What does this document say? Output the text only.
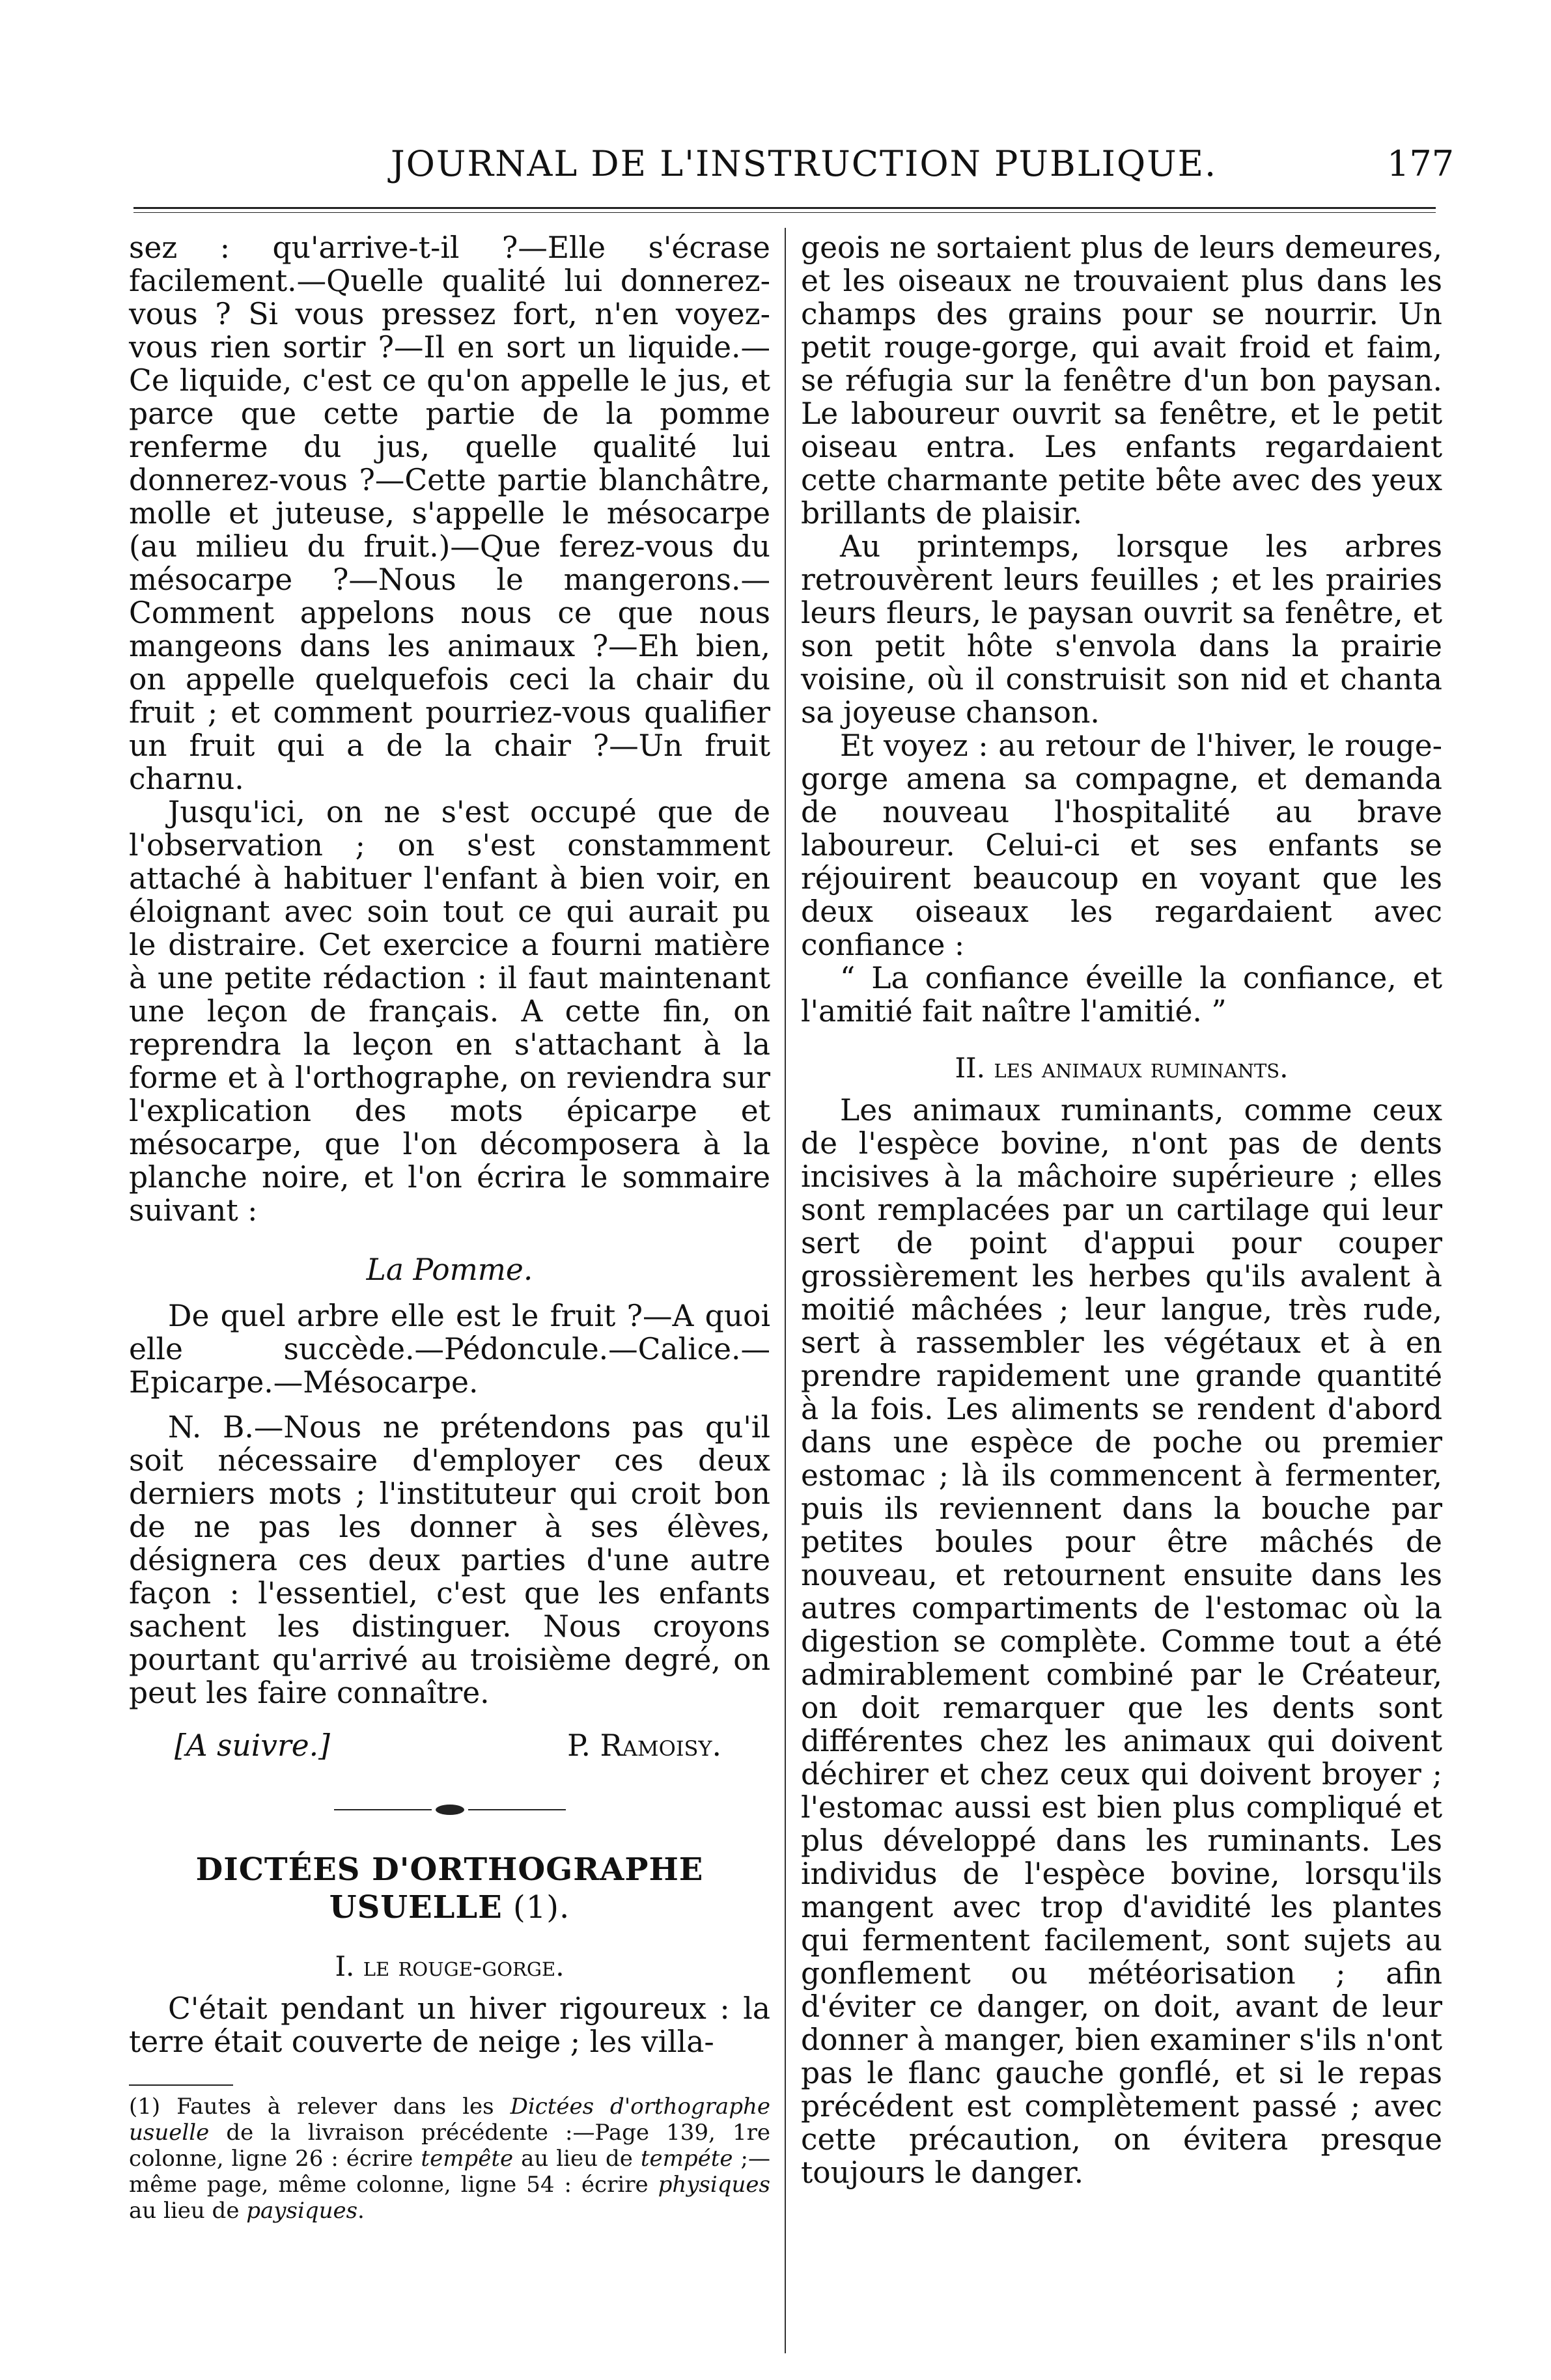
JOURNAL DE L'INSTRUCTION PUBLIQUE.	177

sez : qu'arrive-t-il ?—Elle s'écrase facilement.—Quelle qualité lui donnerez-vous ? Si vous pressez fort, n'en voyez-vous rien sortir ?—Il en sort un liquide.—Ce liquide, c'est ce qu'on appelle le jus, et parce que cette partie de la pomme renferme du jus, quelle qualité lui donnerez-vous ?—Cette partie blanchâtre, molle et juteuse, s'appelle le mésocarpe (au milieu du fruit.)—Que ferez-vous du mésocarpe ?—Nous le mangerons.—Comment appelons nous ce que nous mangeons dans les animaux ?—Eh bien, on appelle quelquefois ceci la chair du fruit ; et comment pourriez-vous qualifier un fruit qui a de la chair ?—Un fruit charnu.

Jusqu'ici, on ne s'est occupé que de l'observation ; on s'est constamment attaché à habituer l'enfant à bien voir, en éloignant avec soin tout ce qui aurait pu le distraire. Cet exercice a fourni matière à une petite rédaction : il faut maintenant une leçon de français. A cette fin, on reprendra la leçon en s'attachant à la forme et à l'orthographe, on reviendra sur l'explication des mots épicarpe et mésocarpe, que l'on décomposera à la planche noire, et l'on écrira le sommaire suivant :

La Pomme.

De quel arbre elle est le fruit ?—A quoi elle succède.—Pédoncule.—Calice.—Epicarpe.—Mésocarpe.

N. B.—Nous ne prétendons pas qu'il soit nécessaire d'employer ces deux derniers mots ; l'instituteur qui croit bon de ne pas les donner à ses élèves, désignera ces deux parties d'une autre façon : l'essentiel, c'est que les enfants sachent les distinguer. Nous croyons pourtant qu'arrivé au troisième degré, on peut les faire connaître.

[A suivre.]	P. Ramoisy.

DICTÉES D'ORTHOGRAPHE
USUELLE (1).

I. le rouge-gorge.

C'était pendant un hiver rigoureux : la terre était couverte de neige ; les villa-

(1) Fautes à relever dans les Dictées d'orthographe usuelle de la livraison précédente :—Page 139, 1re colonne, ligne 26 : écrire tempête au lieu de tempéte ;—même page, même colonne, ligne 54 : écrire physiques au lieu de paysiques.

geois ne sortaient plus de leurs demeures, et les oiseaux ne trouvaient plus dans les champs des grains pour se nourrir. Un petit rouge-gorge, qui avait froid et faim, se réfugia sur la fenêtre d'un bon paysan. Le laboureur ouvrit sa fenêtre, et le petit oiseau entra. Les enfants regardaient cette charmante petite bête avec des yeux brillants de plaisir.

Au printemps, lorsque les arbres retrouvèrent leurs feuilles ; et les prairies leurs fleurs, le paysan ouvrit sa fenêtre, et son petit hôte s'envola dans la prairie voisine, où il construisit son nid et chanta sa joyeuse chanson.

Et voyez : au retour de l'hiver, le rouge-gorge amena sa compagne, et demanda de nouveau l'hospitalité au brave laboureur. Celui-ci et ses enfants se réjouirent beaucoup en voyant que les deux oiseaux les regardaient avec confiance :

“ La confiance éveille la confiance, et l'amitié fait naître l'amitié. ”

II. les animaux ruminants.

Les animaux ruminants, comme ceux de l'espèce bovine, n'ont pas de dents incisives à la mâchoire supérieure ; elles sont remplacées par un cartilage qui leur sert de point d'appui pour couper grossièrement les herbes qu'ils avalent à moitié mâchées ; leur langue, très rude, sert à rassembler les végétaux et à en prendre rapidement une grande quantité à la fois. Les aliments se rendent d'abord dans une espèce de poche ou premier estomac ; là ils commencent à fermenter, puis ils reviennent dans la bouche par petites boules pour être mâchés de nouveau, et retournent ensuite dans les autres compartiments de l'estomac où la digestion se complète. Comme tout a été admirablement combiné par le Créateur, on doit remarquer que les dents sont différentes chez les animaux qui doivent déchirer et chez ceux qui doivent broyer ; l'estomac aussi est bien plus compliqué et plus développé dans les ruminants. Les individus de l'espèce bovine, lorsqu'ils mangent avec trop d'avidité les plantes qui fermentent facilement, sont sujets au gonflement ou météorisation ; afin d'éviter ce danger, on doit, avant de leur donner à manger, bien examiner s'ils n'ont pas le flanc gauche gonflé, et si le repas précédent est complètement passé ; avec cette précaution, on évitera presque toujours le danger.
